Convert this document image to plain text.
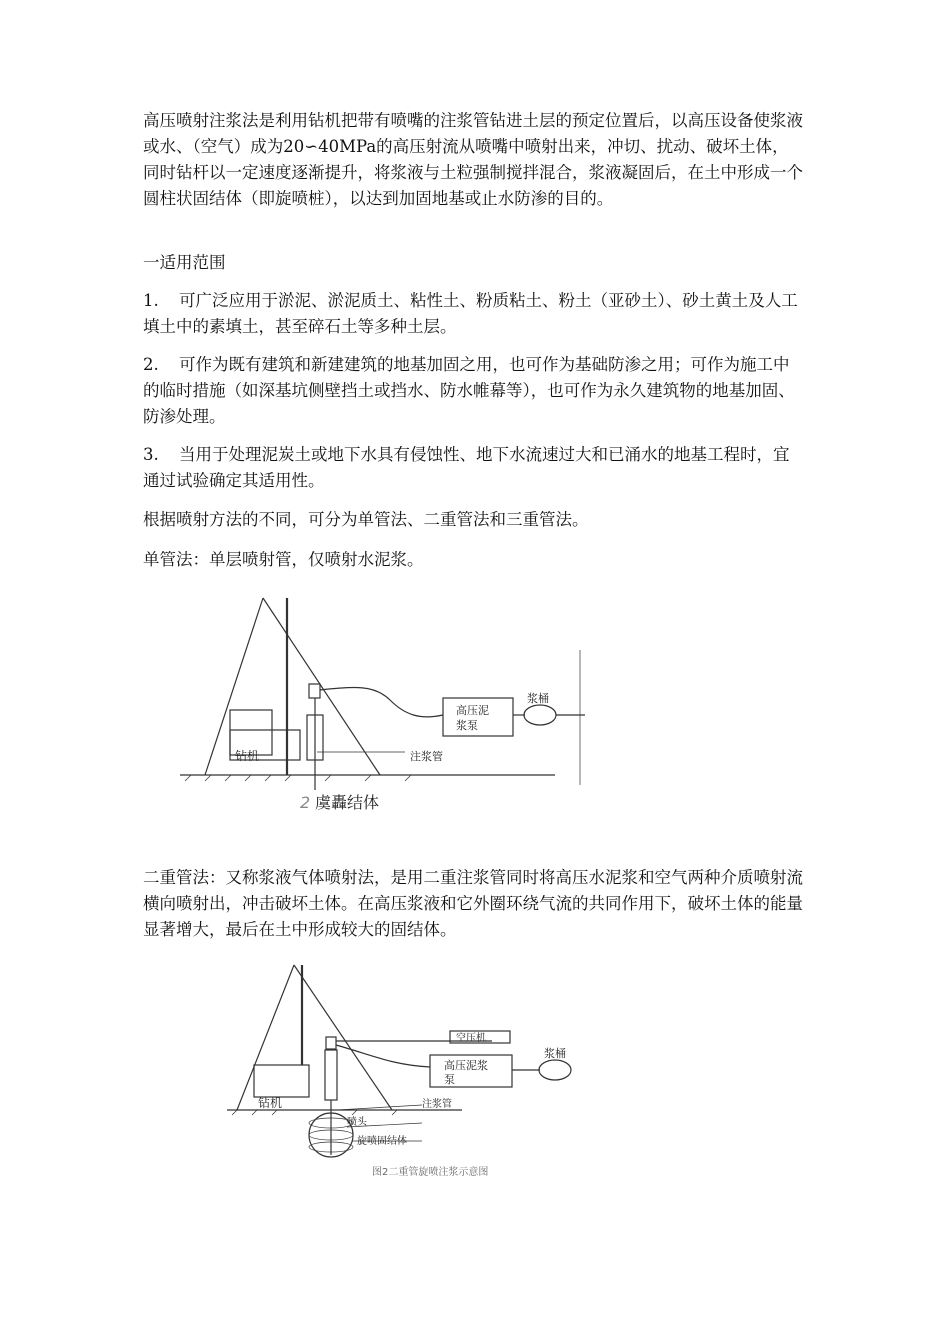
高压喷射注浆法是利用钻机把带有喷嘴的注浆管钻进土层的预定位置后，以高压设备使浆液或水、（空气）成为20∽40MPa的高压射流从喷嘴中喷射出来，冲切、扰动、破坏土体，同时钻杆以一定速度逐渐提升，将浆液与土粒强制搅拌混合，浆液凝固后，在土中形成一个圆柱状固结体（即旋喷桩），以达到加固地基或止水防渗的目的。

一适用范围

1. 可广泛应用于淤泥、淤泥质土、粘性土、粉质粘土、粉土（亚砂土）、砂土黄土及人工填土中的素填土，甚至碎石土等多种土层。

2. 可作为既有建筑和新建建筑的地基加固之用，也可作为基础防渗之用；可作为施工中的临时措施（如深基坑侧壁挡土或挡水、防水帷幕等），也可作为永久建筑物的地基加固、防渗处理。

3. 当用于处理泥炭土或地下水具有侵蚀性、地下水流速过大和已涌水的地基工程时，宜通过试验确定其适用性。

根据喷射方法的不同，可分为单管法、二重管法和三重管法。

单管法：单层喷射管，仅喷射水泥浆。

高压泥
浆泵
浆桶
钻机	注浆管
2 虞轟结体

二重管法：又称浆液气体喷射法，是用二重注浆管同时将高压水泥浆和空气两种介质喷射流横向喷射出，冲击破坏土体。在高压浆液和它外圈环绕气流的共同作用下，破坏土体的能量显著增大，最后在土中形成较大的固结体。

空压机
高压泥浆
泵
浆桶
钻机	注浆管
喷头
旋喷固结体
图2二重管旋喷注浆示意图
